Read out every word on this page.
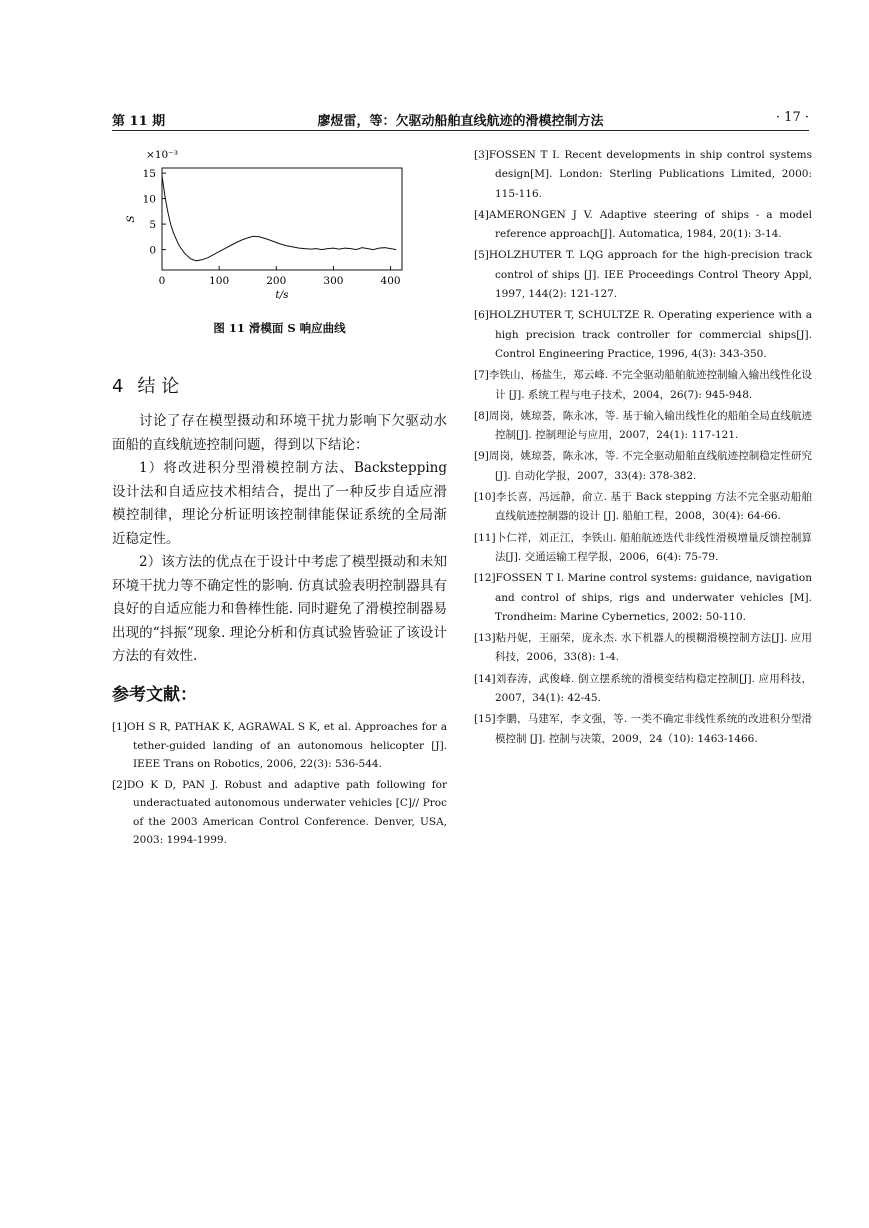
第 11 期	廖煜雷，等：欠驱动船舶直线航迹的滑模控制方法	· 17 ·
0	100	200	300	400
0
5
10
15
×10⁻³
t/s
S
图 11 滑模面 S 响应曲线
4 结 论

讨论了存在模型摄动和环境干扰力影响下欠驱动水面船的直线航迹控制问题，得到以下结论：

1）将改进积分型滑模控制方法、Backstepping 设计法和自适应技术相结合，提出了一种反步自适应滑模控制律，理论分析证明该控制律能保证系统的全局渐近稳定性。

2）该方法的优点在于设计中考虑了模型摄动和未知环境干扰力等不确定性的影响. 仿真试验表明控制器具有良好的自适应能力和鲁棒性能. 同时避免了滑模控制器易出现的“抖振”现象. 理论分析和仿真试验皆验证了该设计方法的有效性.

参考文献：
[1]OH S R, PATHAK K, AGRAWAL S K, et al. Approaches for a tether-guided landing of an autonomous helicopter [J]. IEEE Trans on Robotics, 2006, 22(3): 536-544.
[2]DO K D, PAN J. Robust and adaptive path following for underactuated autonomous underwater vehicles [C]// Proc of the 2003 American Control Conference. Denver, USA, 2003: 1994-1999.
[3]FOSSEN T I. Recent developments in ship control systems design[M]. London: Sterling Publications Limited, 2000: 115-116.
[4]AMERONGEN J V. Adaptive steering of ships - a model reference approach[J]. Automatica, 1984, 20(1): 3-14.
[5]HOLZHUTER T. LQG approach for the high-precision track control of ships [J]. IEE Proceedings Control Theory Appl, 1997, 144(2): 121-127.
[6]HOLZHUTER T, SCHULTZE R. Operating experience with a high precision track controller for commercial ships[J]. Control Engineering Practice, 1996, 4(3): 343-350.
[7]李铁山，杨盐生，郑云峰. 不完全驱动船舶航迹控制输入输出线性化设计 [J]. 系统工程与电子技术，2004，26(7): 945-948.
[8]周岗，姚琼荟，陈永冰，等. 基于输入输出线性化的船舶全局直线航迹控制[J]. 控制理论与应用，2007，24(1): 117-121.
[9]周岗，姚琼荟，陈永冰，等. 不完全驱动船舶直线航迹控制稳定性研究[J]. 自动化学报，2007，33(4): 378-382.
[10]李长喜，冯远静，俞立. 基于 Back stepping 方法不完全驱动船舶直线航迹控制器的设计 [J]. 船舶工程，2008，30(4): 64-66.
[11]卜仁祥，刘正江，李铁山. 船舶航迹迭代非线性滑模增量反馈控制算法[J]. 交通运输工程学报，2006，6(4): 75-79.
[12]FOSSEN T I. Marine control systems: guidance, navigation and control of ships, rigs and underwater vehicles [M]. Trondheim: Marine Cybernetics, 2002: 50-110.
[13]粘丹妮，王丽荣，庞永杰. 水下机器人的模糊滑模控制方法[J]. 应用科技，2006，33(8): 1-4.
[14]刘春涛，武俊峰. 倒立摆系统的滑模变结构稳定控制[J]. 应用科技，2007，34(1): 42-45.
[15]李鹏，马建军，李文强，等. 一类不确定非线性系统的改进积分型滑模控制 [J]. 控制与决策，2009，24（10): 1463-1466.
